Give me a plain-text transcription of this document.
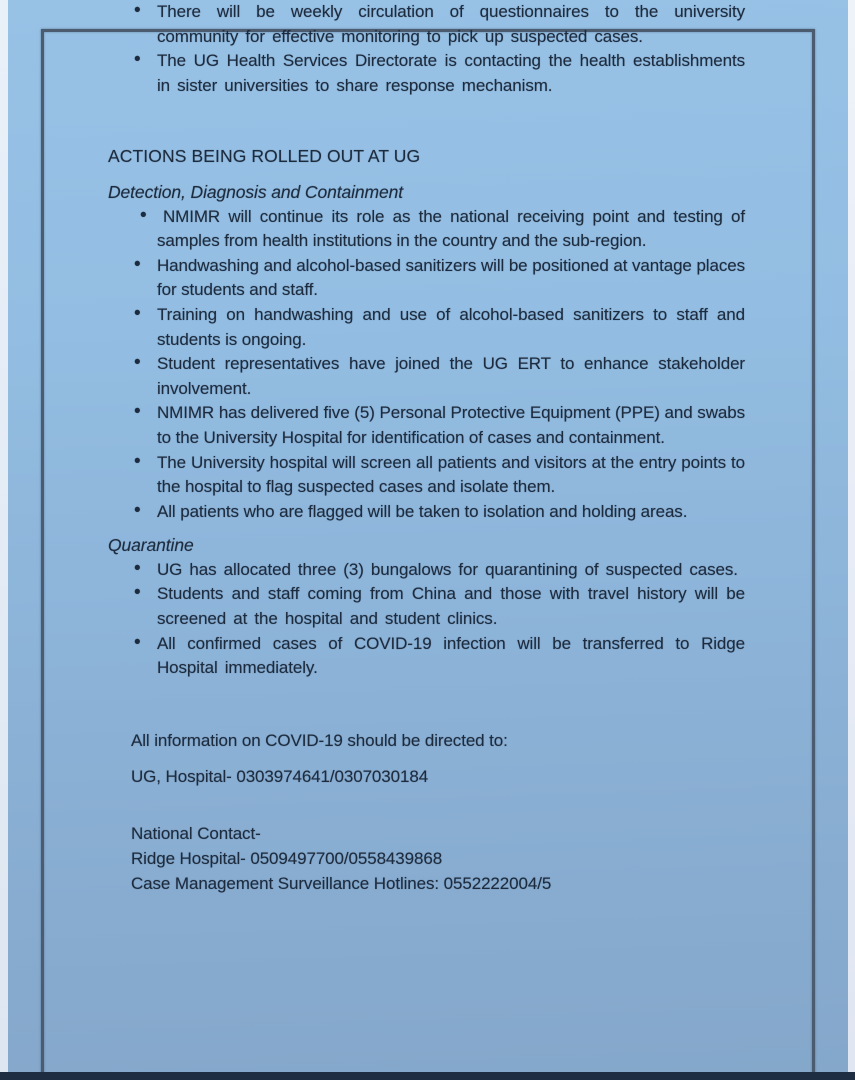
• There will be weekly circulation of questionnaires to the university community for effective monitoring to pick up suspected cases.
• The UG Health Services Directorate is contacting the health establishments in sister universities to share response mechanism.
ACTIONS BEING ROLLED OUT AT UG
Detection, Diagnosis and Containment
• NMIMR will continue its role as the national receiving point and testing of samples from health institutions in the country and the sub-region.
• Handwashing and alcohol-based sanitizers will be positioned at vantage places for students and staff.
• Training on handwashing and use of alcohol-based sanitizers to staff and students is ongoing.
• Student representatives have joined the UG ERT to enhance stakeholder involvement.
• NMIMR has delivered five (5) Personal Protective Equipment (PPE) and swabs to the University Hospital for identification of cases and containment.
• The University hospital will screen all patients and visitors at the entry points to the hospital to flag suspected cases and isolate them.
• All patients who are flagged will be taken to isolation and holding areas.
Quarantine
• UG has allocated three (3) bungalows for quarantining of suspected cases.
• Students and staff coming from China and those with travel history will be screened at the hospital and student clinics.
• All confirmed cases of COVID-19 infection will be transferred to Ridge Hospital immediately.

All information on COVID-19 should be directed to:

UG, Hospital- 0303974641/0307030184

National Contact-

Ridge Hospital- 0509497700/0558439868

Case Management Surveillance Hotlines: 0552222004/5
